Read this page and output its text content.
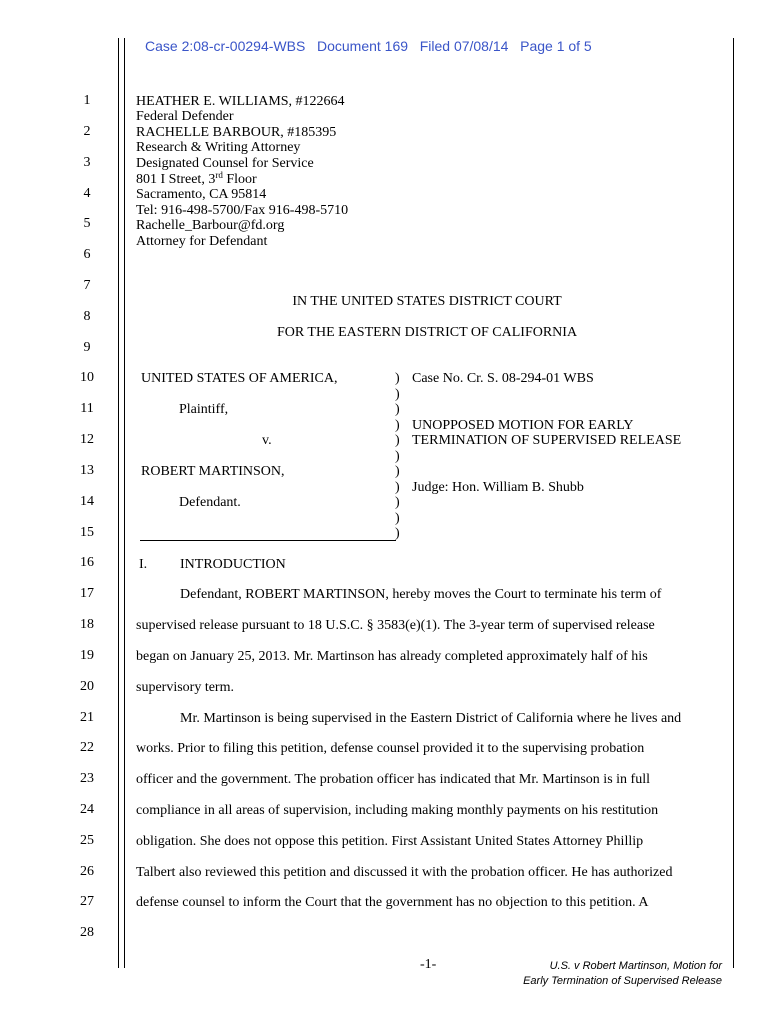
Case 2:08-cr-00294-WBS Document 169 Filed 07/08/14 Page 1 of 5
1
2
3
4
5
6
7
8
9
10
11
12
13
14
15
16
17
18
19
20
21
22
23
24
25
26
27
28
HEATHER E. WILLIAMS, #122664
Federal Defender
RACHELLE BARBOUR, #185395
Research & Writing Attorney
Designated Counsel for Service
801 I Street, 3rd Floor
Sacramento, CA 95814
Tel: 916-498-5700/Fax 916-498-5710
Rachelle_Barbour@fd.org
Attorney for Defendant
IN THE UNITED STATES DISTRICT COURT
FOR THE EASTERN DISTRICT OF CALIFORNIA
UNITED STATES OF AMERICA,
Plaintiff,
v.
ROBERT MARTINSON,
Defendant.
)
)
)
)
)
)
)
)
)
)
)
Case No. Cr. S. 08-294-01 WBS
UNOPPOSED MOTION FOR EARLY
TERMINATION OF SUPERVISED RELEASE
Judge: Hon. William B. Shubb
I. INTRODUCTION
Defendant, ROBERT MARTINSON, hereby moves the Court to terminate his term of
supervised release pursuant to 18 U.S.C. § 3583(e)(1). The 3-year term of supervised release
began on January 25, 2013. Mr. Martinson has already completed approximately half of his
supervisory term.
Mr. Martinson is being supervised in the Eastern District of California where he lives and
works. Prior to filing this petition, defense counsel provided it to the supervising probation
officer and the government. The probation officer has indicated that Mr. Martinson is in full
compliance in all areas of supervision, including making monthly payments on his restitution
obligation. She does not oppose this petition. First Assistant United States Attorney Phillip
Talbert also reviewed this petition and discussed it with the probation officer. He has authorized
defense counsel to inform the Court that the government has no objection to this petition. A
-1-	U.S. v Robert Martinson, Motion for
Early Termination of Supervised Release
